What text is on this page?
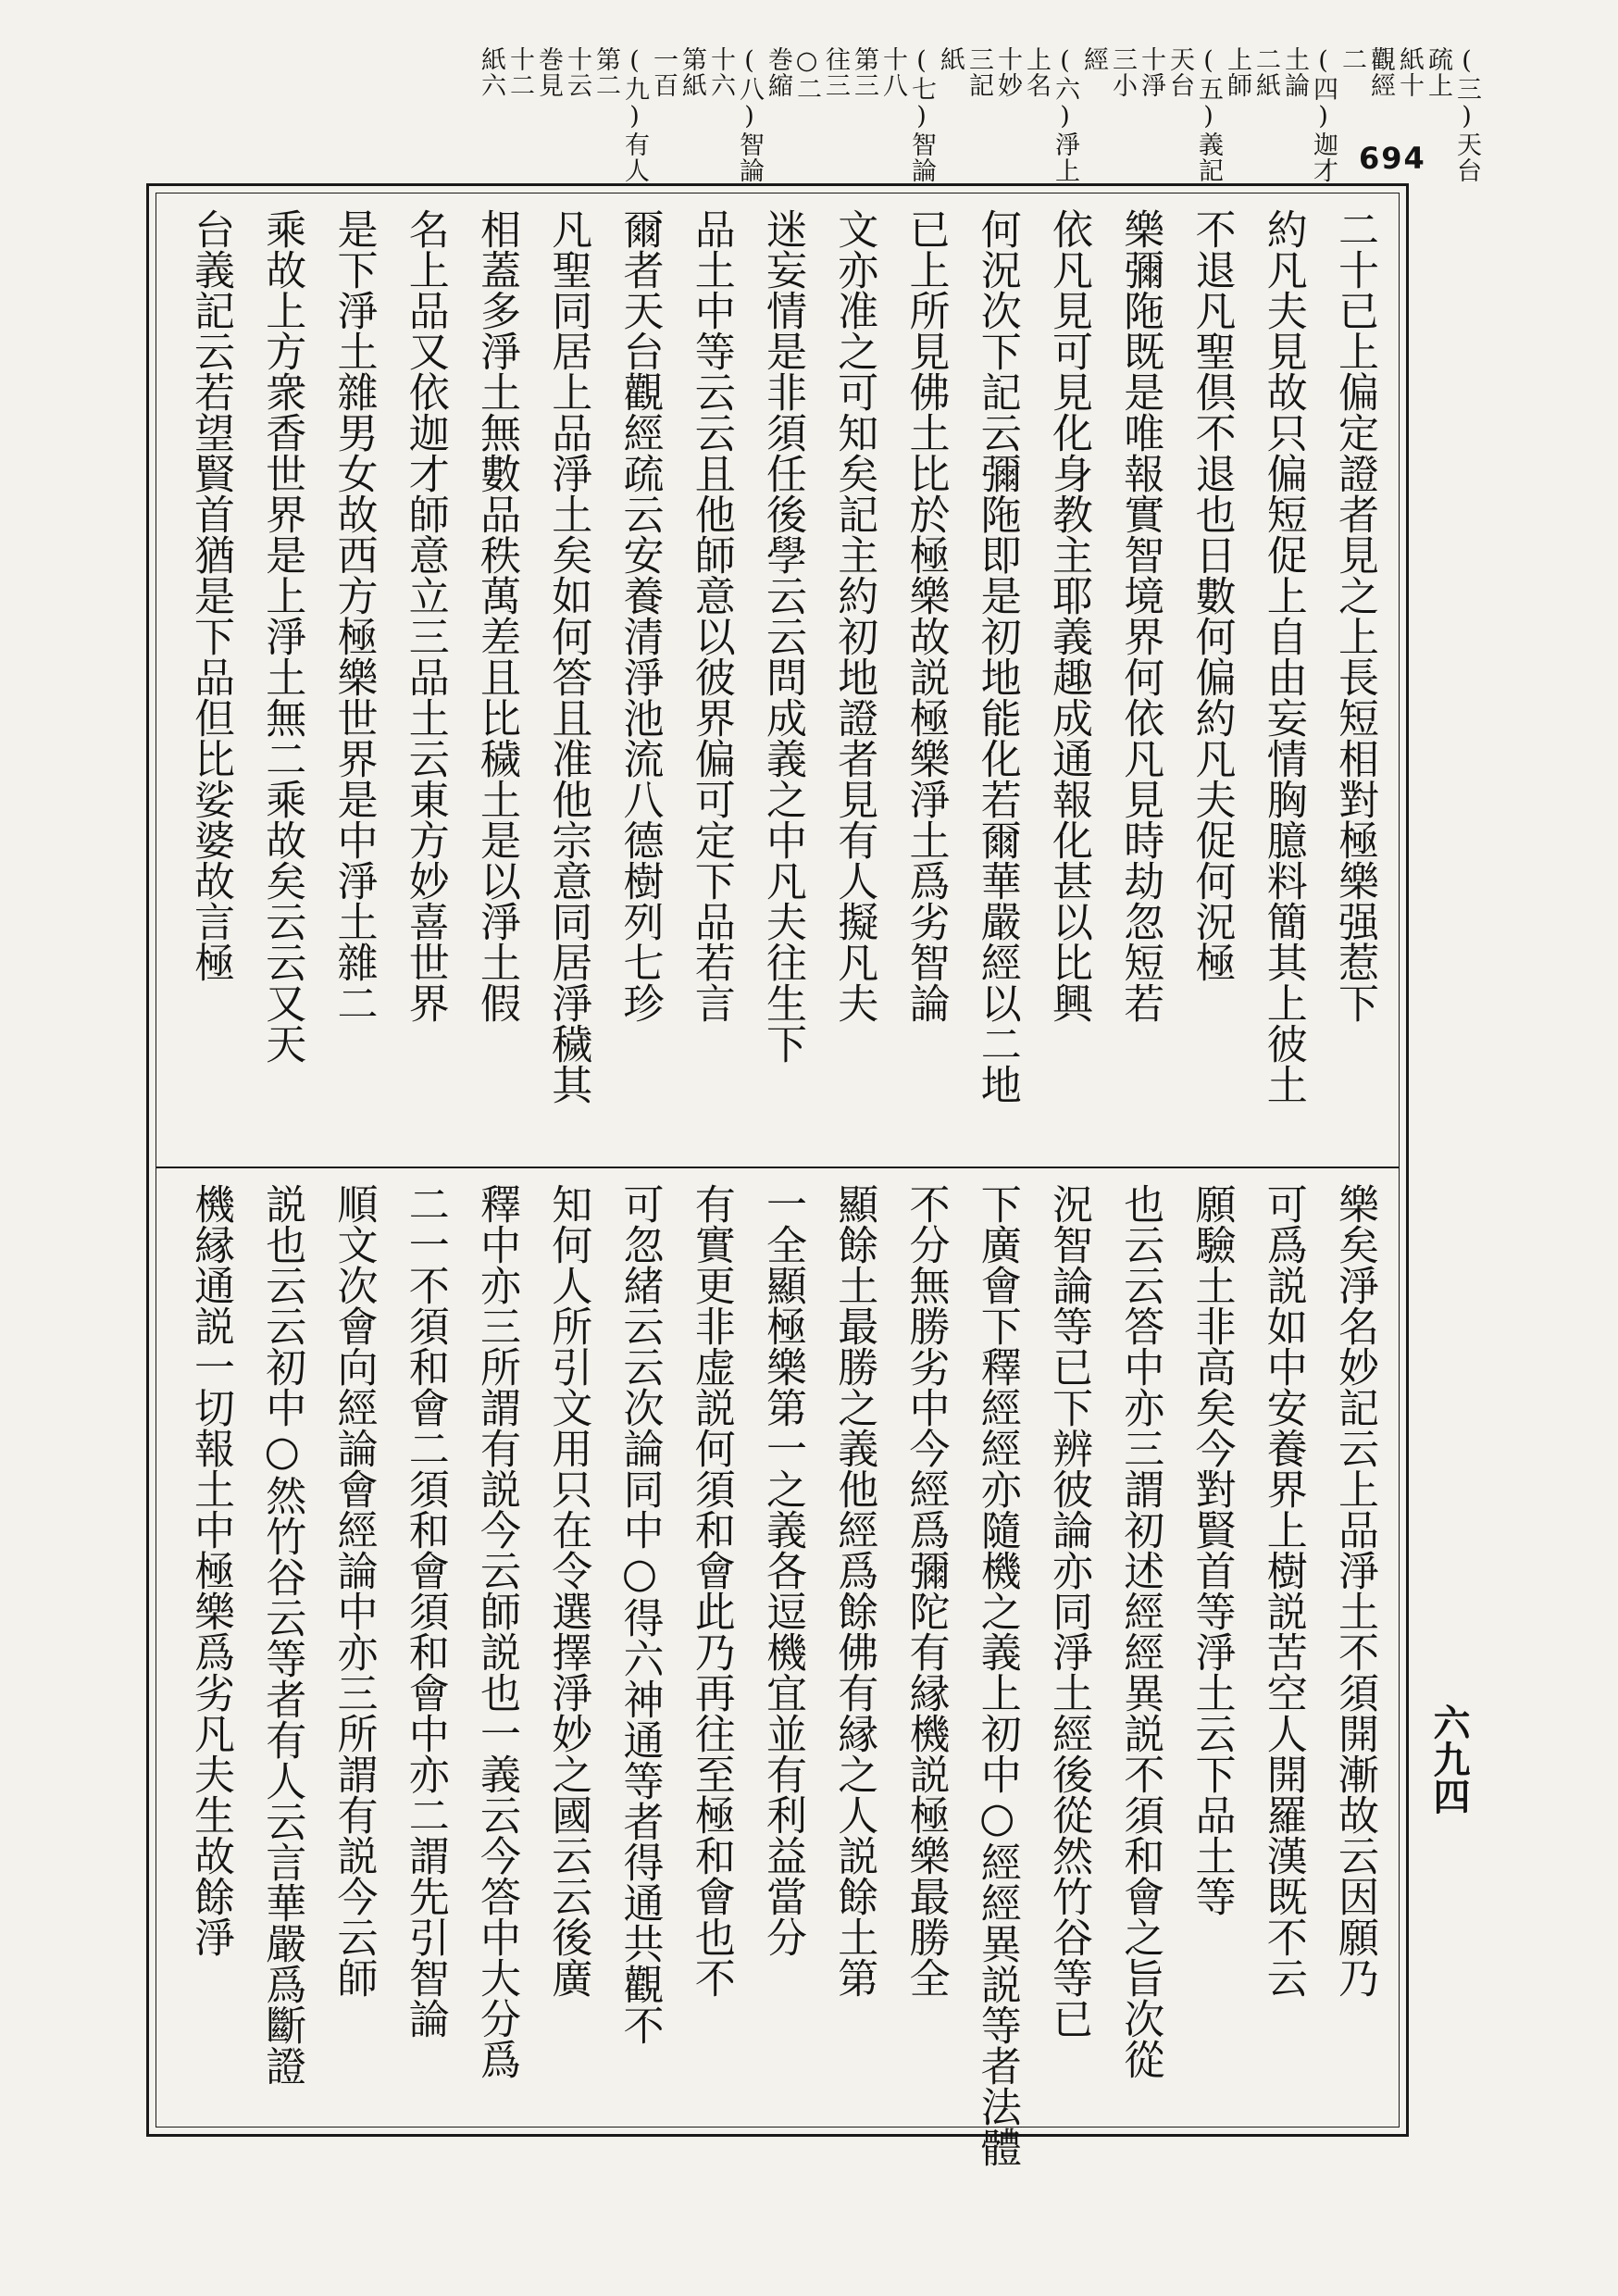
(三)天台
疏上
紙十
觀經
二
(四)迦才
土論
二紙
上師
(五)義記
天台
十淨
三小
經
(六)淨上
上名
十妙
三記
紙
(七)智論
十八
第三
往三
○二
巻縮
(八)智論
十六
第紙
一百
(九)有人
第二
十云
巻見
十二
紙六
694
二十已上偏定證者見之上長短相對極樂强惹下
約凡夫見故只偏短促上自由妄情胸臆料簡其上彼土
不退凡聖倶不退也日數何偏約凡夫促何況極
樂彌陁既是唯報實智境界何依凡見時劫忽短若
依凡見可見化身教主耶義趣成通報化甚以比興
何況次下記云彌陁即是初地能化若爾華嚴經以二地
已上所見佛土比於極樂故説極樂淨土爲劣智論
文亦准之可知矣記主約初地證者見有人擬凡夫
迷妄情是非須任後學云云問成義之中凡夫往生下
品土中等云云且他師意以彼界偏可定下品若言
爾者天台觀經疏云安養清淨池流八德樹列七珍
凡聖同居上品淨土矣如何答且准他宗意同居淨穢其
相蓋多淨土無數品秩萬差且比穢土是以淨土假
名上品又依迦才師意立三品土云東方妙喜世界
是下淨土雜男女故西方極樂世界是中淨土雜二
乘故上方衆香世界是上淨土無二乘故矣云云又天
台義記云若望賢首猶是下品但比娑婆故言極
樂矣淨名妙記云上品淨土不須開漸故云因願乃
可爲説如中安養界上樹説苦空人開羅漢既不云
願驗土非高矣今對賢首等淨土云下品土等
也云云答中亦三謂初述經經異説不須和會之旨次從
況智論等已下辨彼論亦同淨土經後從然竹谷等已
下廣會下釋經經亦隨機之義上初中○經經異説等者法體
不分無勝劣中今經爲彌陀有縁機説極樂最勝全
顯餘土最勝之義他經爲餘佛有縁之人説餘土第
一全顯極樂第一之義各逗機宜並有利益當分
有實更非虚説何須和會此乃再往至極和會也不
可忽緒云云次論同中○得六神通等者得通共觀不
知何人所引文用只在令選擇淨妙之國云云後廣
釋中亦三所謂有説今云師説也一義云今答中大分爲
二一不須和會二須和會須和會中亦二謂先引智論
順文次會向經論會經論中亦三所謂有説今云師
説也云云初中○然竹谷云等者有人云言華嚴爲斷證
機縁通説一切報土中極樂爲劣凡夫生故餘淨	六九四
